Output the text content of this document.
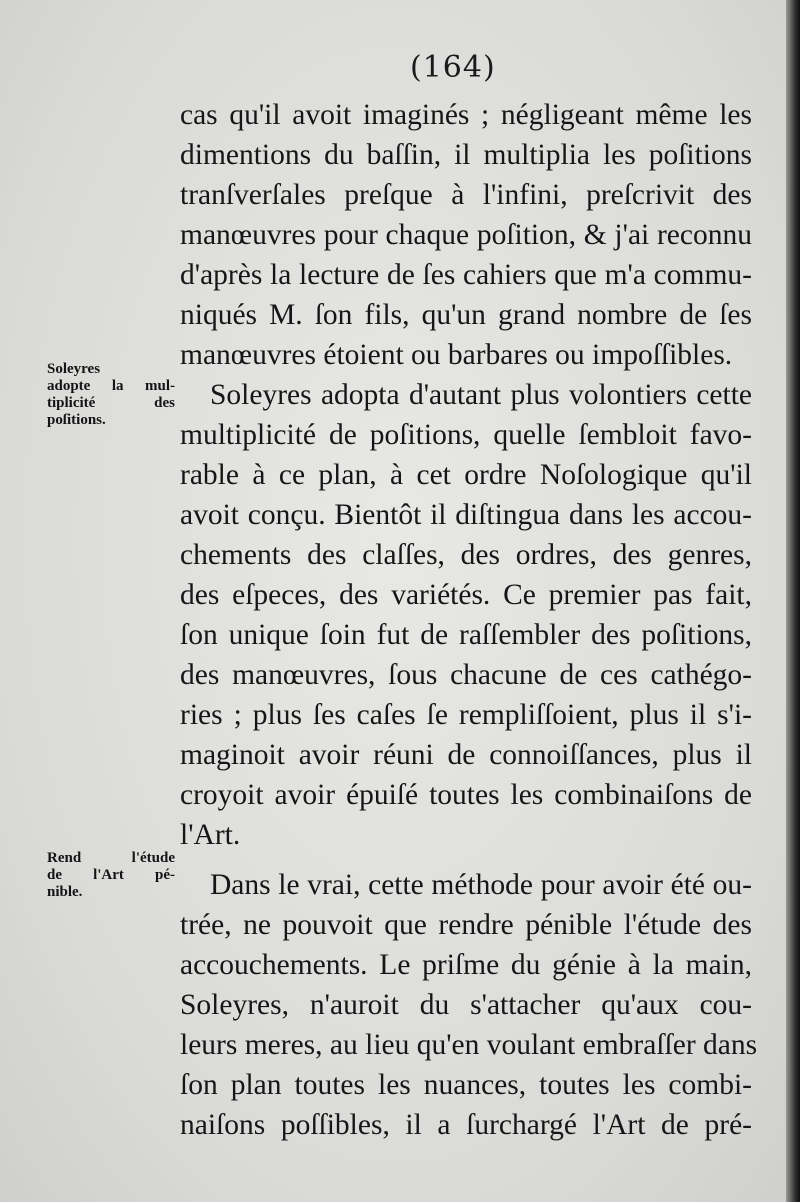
(164)
Soleyres
adopte la mul-
tiplicité des
poſitions.
Rend l'étude
de l'Art pé-
nible.
cas qu'il avoit imaginés ; négligeant même les
dimentions du baſſin, il multiplia les poſitions
tranſverſales preſque à l'infini, preſcrivit des
manœuvres pour chaque poſition, & j'ai reconnu
d'après la lecture de ſes cahiers que m'a commu-
niqués M. ſon fils, qu'un grand nombre de ſes
manœuvres étoient ou barbares ou impoſſibles.
Soleyres adopta d'autant plus volontiers cette
multiplicité de poſitions, quelle ſembloit favo-
rable à ce plan, à cet ordre Noſologique qu'il
avoit conçu. Bientôt il diſtingua dans les accou-
chements des claſſes, des ordres, des genres,
des eſpeces, des variétés. Ce premier pas fait,
ſon unique ſoin fut de raſſembler des poſitions,
des manœuvres, ſous chacune de ces cathégo-
ries ; plus ſes caſes ſe rempliſſoient, plus il s'i-
maginoit avoir réuni de connoiſſances, plus il
croyoit avoir épuiſé toutes les combinaiſons de
l'Art.
Dans le vrai, cette méthode pour avoir été ou-
trée, ne pouvoit que rendre pénible l'étude des
accouchements. Le priſme du génie à la main,
Soleyres, n'auroit du s'attacher qu'aux cou-
leurs meres, au lieu qu'en voulant embraſſer dans
ſon plan toutes les nuances, toutes les combi-
naiſons poſſibles, il a ſurchargé l'Art de pré-
